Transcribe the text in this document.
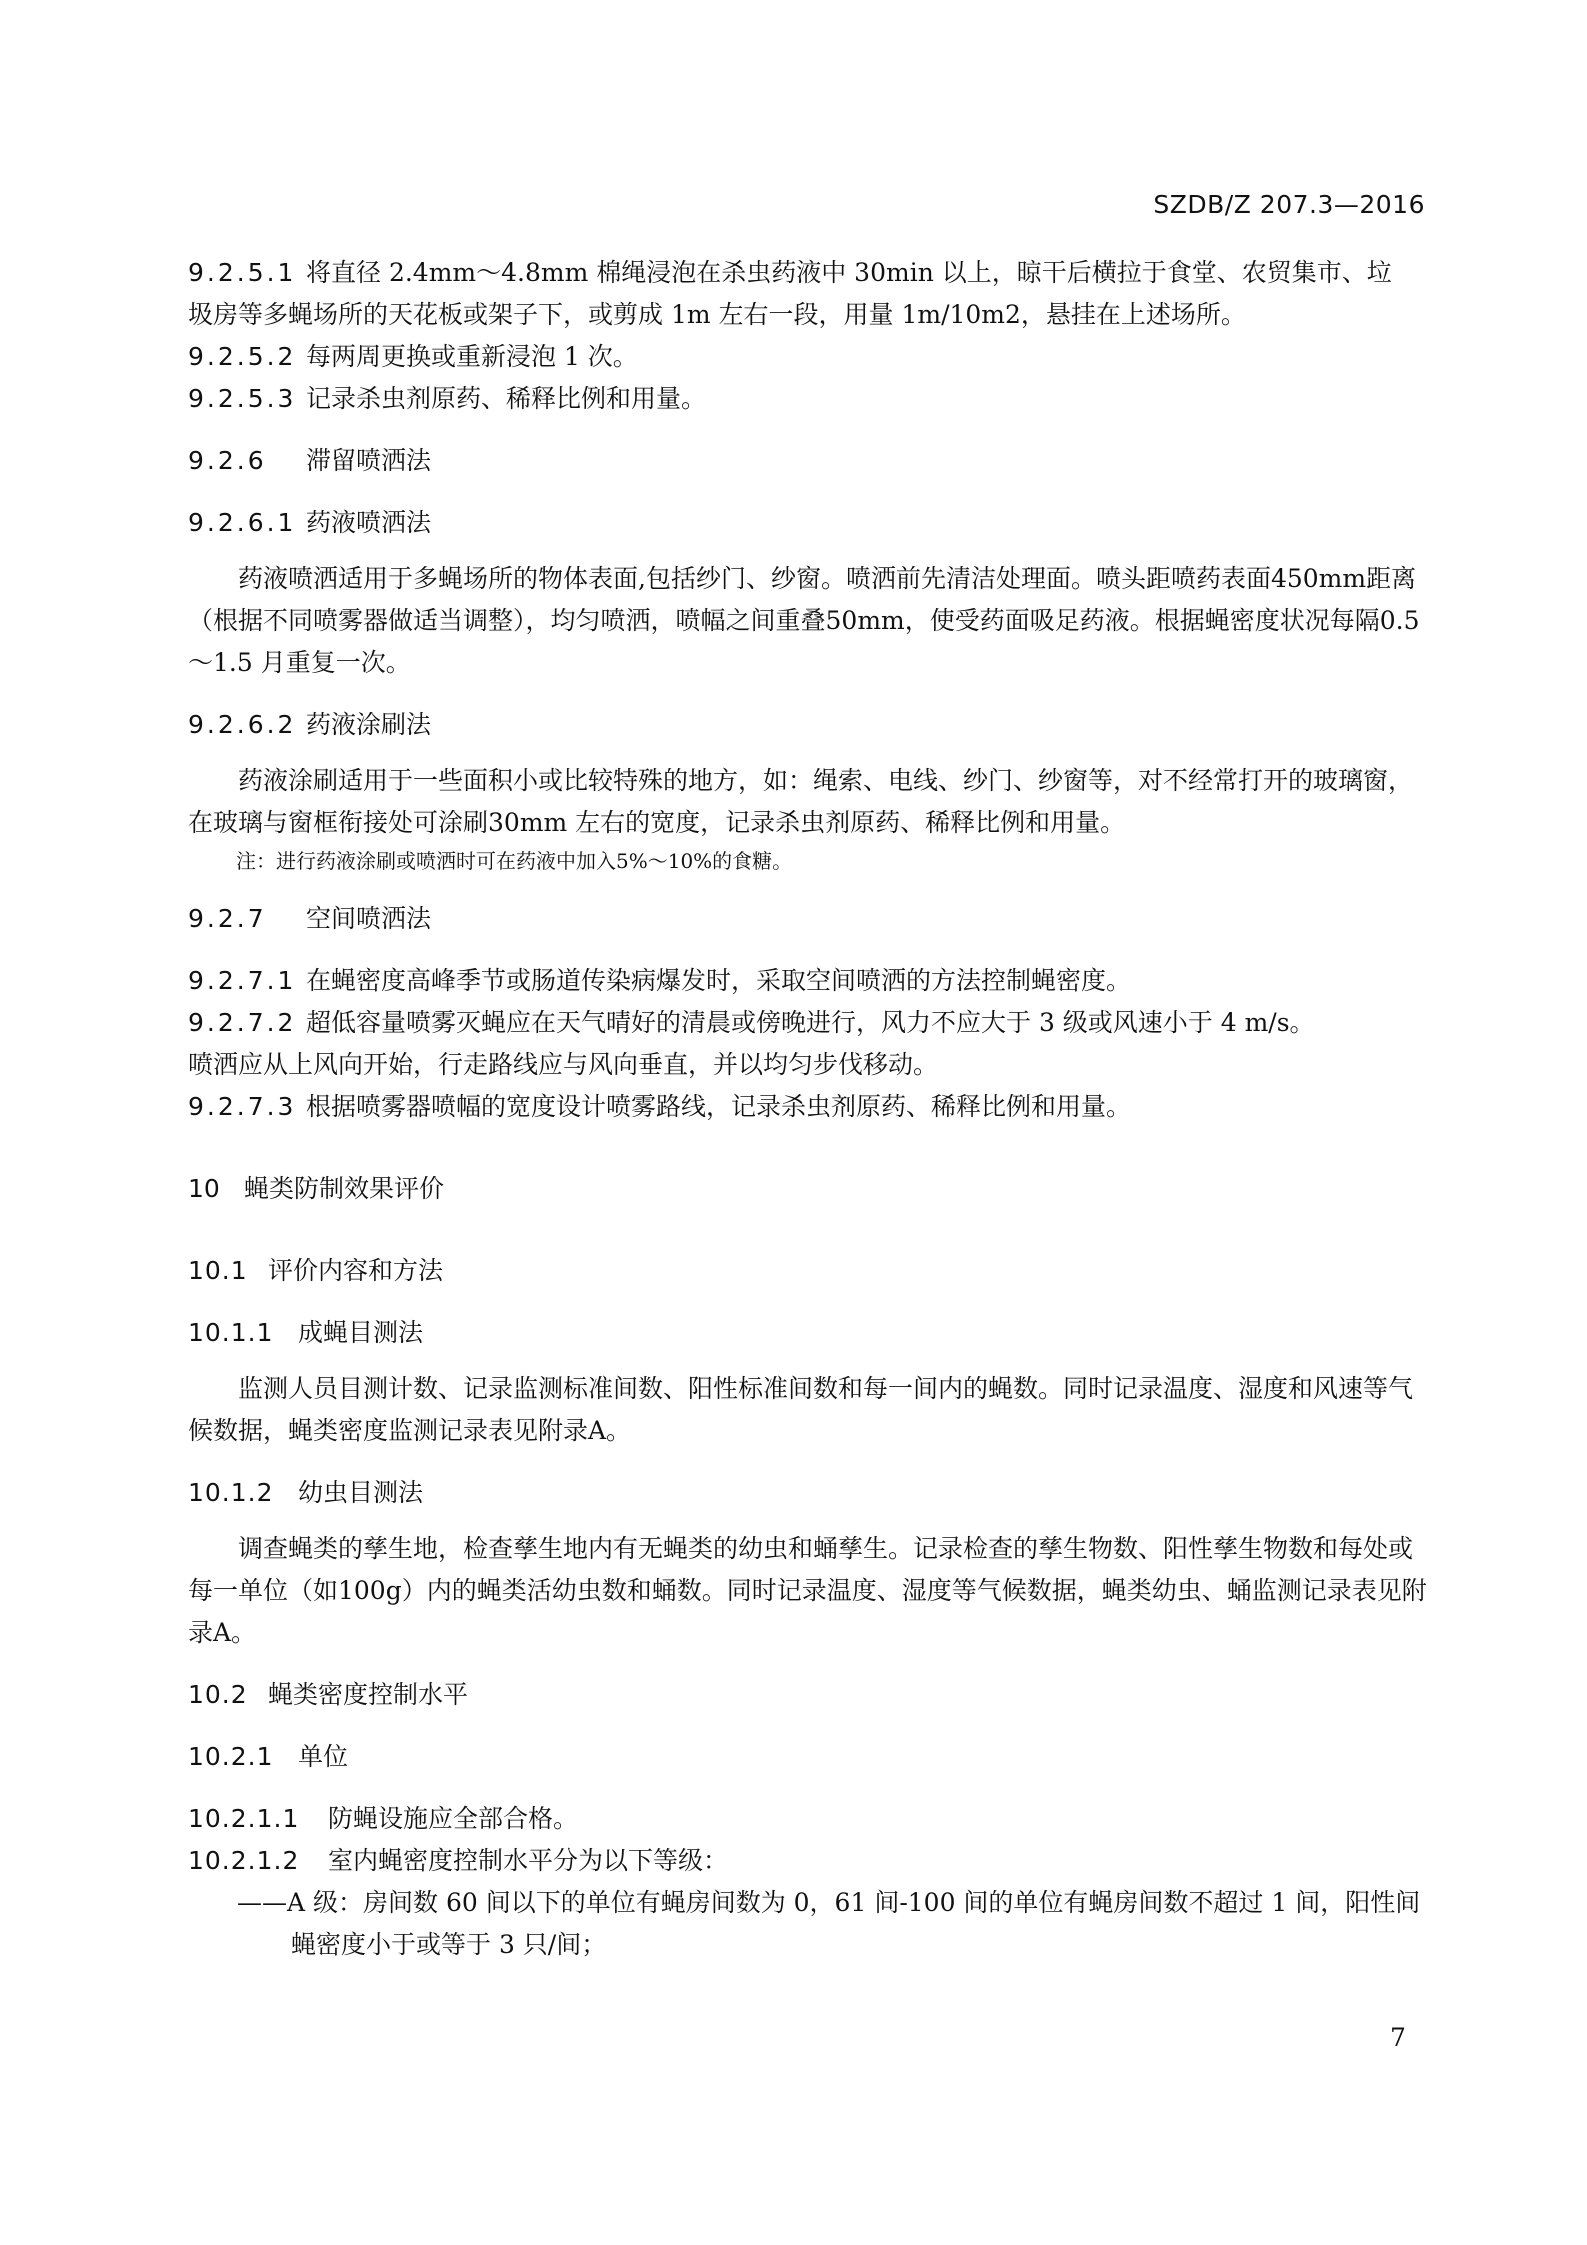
SZDB/Z 207.3—2016
9.2.5.1 将直径 2.4mm～4.8mm 棉绳浸泡在杀虫药液中 30min 以上，晾干后横拉于食堂、农贸集市、垃
圾房等多蝇场所的天花板或架子下，或剪成 1m 左右一段，用量 1m/10m2，悬挂在上述场所。
9.2.5.2 每两周更换或重新浸泡 1 次。
9.2.5.3 记录杀虫剂原药、稀释比例和用量。
9.2.6 滞留喷洒法
9.2.6.1 药液喷洒法
药液喷洒适用于多蝇场所的物体表面,包括纱门、纱窗。喷洒前先清洁处理面。喷头距喷药表面450mm距离（根据不同喷雾器做适当调整），均匀喷洒，喷幅之间重叠50mm，使受药面吸足药液。根据蝇密度状况每隔0.5～1.5 月重复一次。
9.2.6.2 药液涂刷法
药液涂刷适用于一些面积小或比较特殊的地方，如：绳索、电线、纱门、纱窗等，对不经常打开的玻璃窗，在玻璃与窗框衔接处可涂刷30mm 左右的宽度，记录杀虫剂原药、稀释比例和用量。
注：进行药液涂刷或喷洒时可在药液中加入5%～10%的食糖。
9.2.7 空间喷洒法
9.2.7.1 在蝇密度高峰季节或肠道传染病爆发时，采取空间喷洒的方法控制蝇密度。
9.2.7.2 超低容量喷雾灭蝇应在天气晴好的清晨或傍晚进行，风力不应大于 3 级或风速小于 4 m/s。
喷洒应从上风向开始，行走路线应与风向垂直，并以均匀步伐移动。
9.2.7.3 根据喷雾器喷幅的宽度设计喷雾路线，记录杀虫剂原药、稀释比例和用量。
10 蝇类防制效果评价
10.1 评价内容和方法
10.1.1 成蝇目测法
监测人员目测计数、记录监测标准间数、阳性标准间数和每一间内的蝇数。同时记录温度、湿度和风速等气候数据，蝇类密度监测记录表见附录A。
10.1.2 幼虫目测法
调查蝇类的孳生地，检查孳生地内有无蝇类的幼虫和蛹孳生。记录检查的孳生物数、阳性孳生物数和每处或每一单位（如100g）内的蝇类活幼虫数和蛹数。同时记录温度、湿度等气候数据，蝇类幼虫、蛹监测记录表见附录A。
10.2 蝇类密度控制水平
10.2.1 单位
10.2.1.1 防蝇设施应全部合格。
10.2.1.2 室内蝇密度控制水平分为以下等级：
——A 级：房间数 60 间以下的单位有蝇房间数为 0，61 间-100 间的单位有蝇房间数不超过 1 间，阳性间蝇密度小于或等于 3 只/间；
7
